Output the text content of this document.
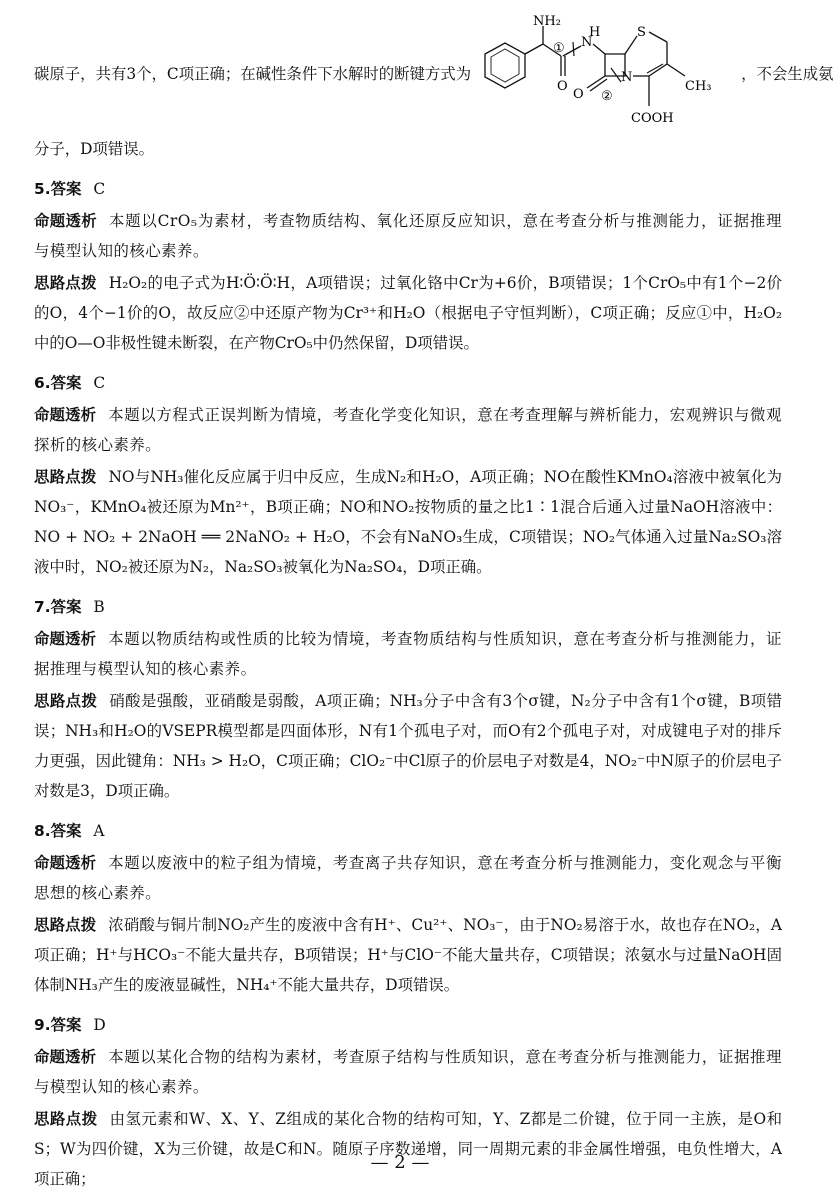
碳原子，共有3个，C项正确；在碱性条件下水解时的断键方式为
NH₂
O
① N
H
O ②
N
S
CH₃
COOH
，不会生成氨

分子，D项错误。

5.答案 C

命题透析 本题以CrO₅为素材，考查物质结构、氧化还原反应知识，意在考查分析与推测能力，证据推理与模型认知的核心素养。

思路点拨 H₂O₂的电子式为H∶Ö∶Ö∶H，A项错误；过氧化铬中Cr为+6价，B项错误；1个CrO₅中有1个−2价的O，4个−1价的O，故反应②中还原产物为Cr³⁺和H₂O（根据电子守恒判断），C项正确；反应①中，H₂O₂中的O—O非极性键未断裂，在产物CrO₅中仍然保留，D项错误。

6.答案 C

命题透析 本题以方程式正误判断为情境，考查化学变化知识，意在考查理解与辨析能力，宏观辨识与微观探析的核心素养。

思路点拨 NO与NH₃催化反应属于归中反应，生成N₂和H₂O，A项正确；NO在酸性KMnO₄溶液中被氧化为NO₃⁻，KMnO₄被还原为Mn²⁺，B项正确；NO和NO₂按物质的量之比1∶1混合后通入过量NaOH溶液中：NO + NO₂ + 2NaOH ══ 2NaNO₂ + H₂O，不会有NaNO₃生成，C项错误；NO₂气体通入过量Na₂SO₃溶液中时，NO₂被还原为N₂，Na₂SO₃被氧化为Na₂SO₄，D项正确。

7.答案 B

命题透析 本题以物质结构或性质的比较为情境，考查物质结构与性质知识，意在考查分析与推测能力，证据推理与模型认知的核心素养。

思路点拨 硝酸是强酸，亚硝酸是弱酸，A项正确；NH₃分子中含有3个σ键，N₂分子中含有1个σ键，B项错误；NH₃和H₂O的VSEPR模型都是四面体形，N有1个孤电子对，而O有2个孤电子对，对成键电子对的排斥力更强，因此键角：NH₃ > H₂O，C项正确；ClO₂⁻中Cl原子的价层电子对数是4，NO₂⁻中N原子的价层电子对数是3，D项正确。

8.答案 A

命题透析 本题以废液中的粒子组为情境，考查离子共存知识，意在考查分析与推测能力，变化观念与平衡思想的核心素养。

思路点拨 浓硝酸与铜片制NO₂产生的废液中含有H⁺、Cu²⁺、NO₃⁻，由于NO₂易溶于水，故也存在NO₂，A项正确；H⁺与HCO₃⁻不能大量共存，B项错误；H⁺与ClO⁻不能大量共存，C项错误；浓氨水与过量NaOH固体制NH₃产生的废液显碱性，NH₄⁺不能大量共存，D项错误。

9.答案 D

命题透析 本题以某化合物的结构为素材，考查原子结构与性质知识，意在考查分析与推测能力，证据推理与模型认知的核心素养。

思路点拨 由氢元素和W、X、Y、Z组成的某化合物的结构可知，Y、Z都是二价键，位于同一主族，是O和S；W为四价键，X为三价键，故是C和N。随原子序数递增，同一周期元素的非金属性增强，电负性增大，A项正确；

— 2 —
